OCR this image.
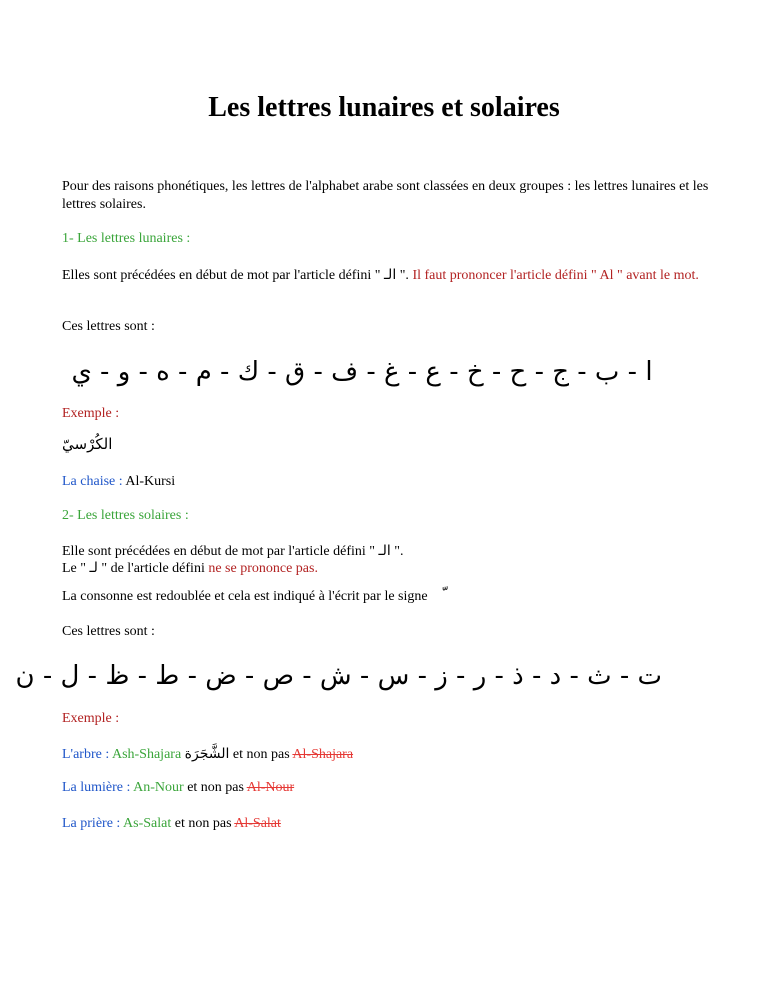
Les lettres lunaires et solaires
Pour des raisons phonétiques, les lettres de l'alphabet arabe sont classées en deux groupes : les lettres lunaires et les lettres solaires.
1- Les lettres lunaires :
Elles sont précédées en début de mot par l'article défini " الـ ". Il faut prononcer l'article défini " Al " avant le mot.
Ces lettres sont :
ا - ب - ج - ح - خ - ع - غ - ف - ق - ك - م - ه - و - ي
Exemple :
الكُرْسيّ
La chaise : Al-Kursi
2- Les lettres solaires :
Elle sont précédées en début de mot par l'article défini " الـ ".
Le " لـ " de l'article défini ne se prononce pas.
La consonne est redoublée et cela est indiqué à l'écrit par le signe
Ces lettres sont :
ت - ث - د - ذ - ر - ز - س - ش - ص - ض - ط - ظ - ل - ن
Exemple :
L'arbre : Ash-Shajara الشَّجَرَة et non pas Al-Shajara
La lumière : An-Nour et non pas Al-Nour
La prière : As-Salat et non pas Al-Salat
